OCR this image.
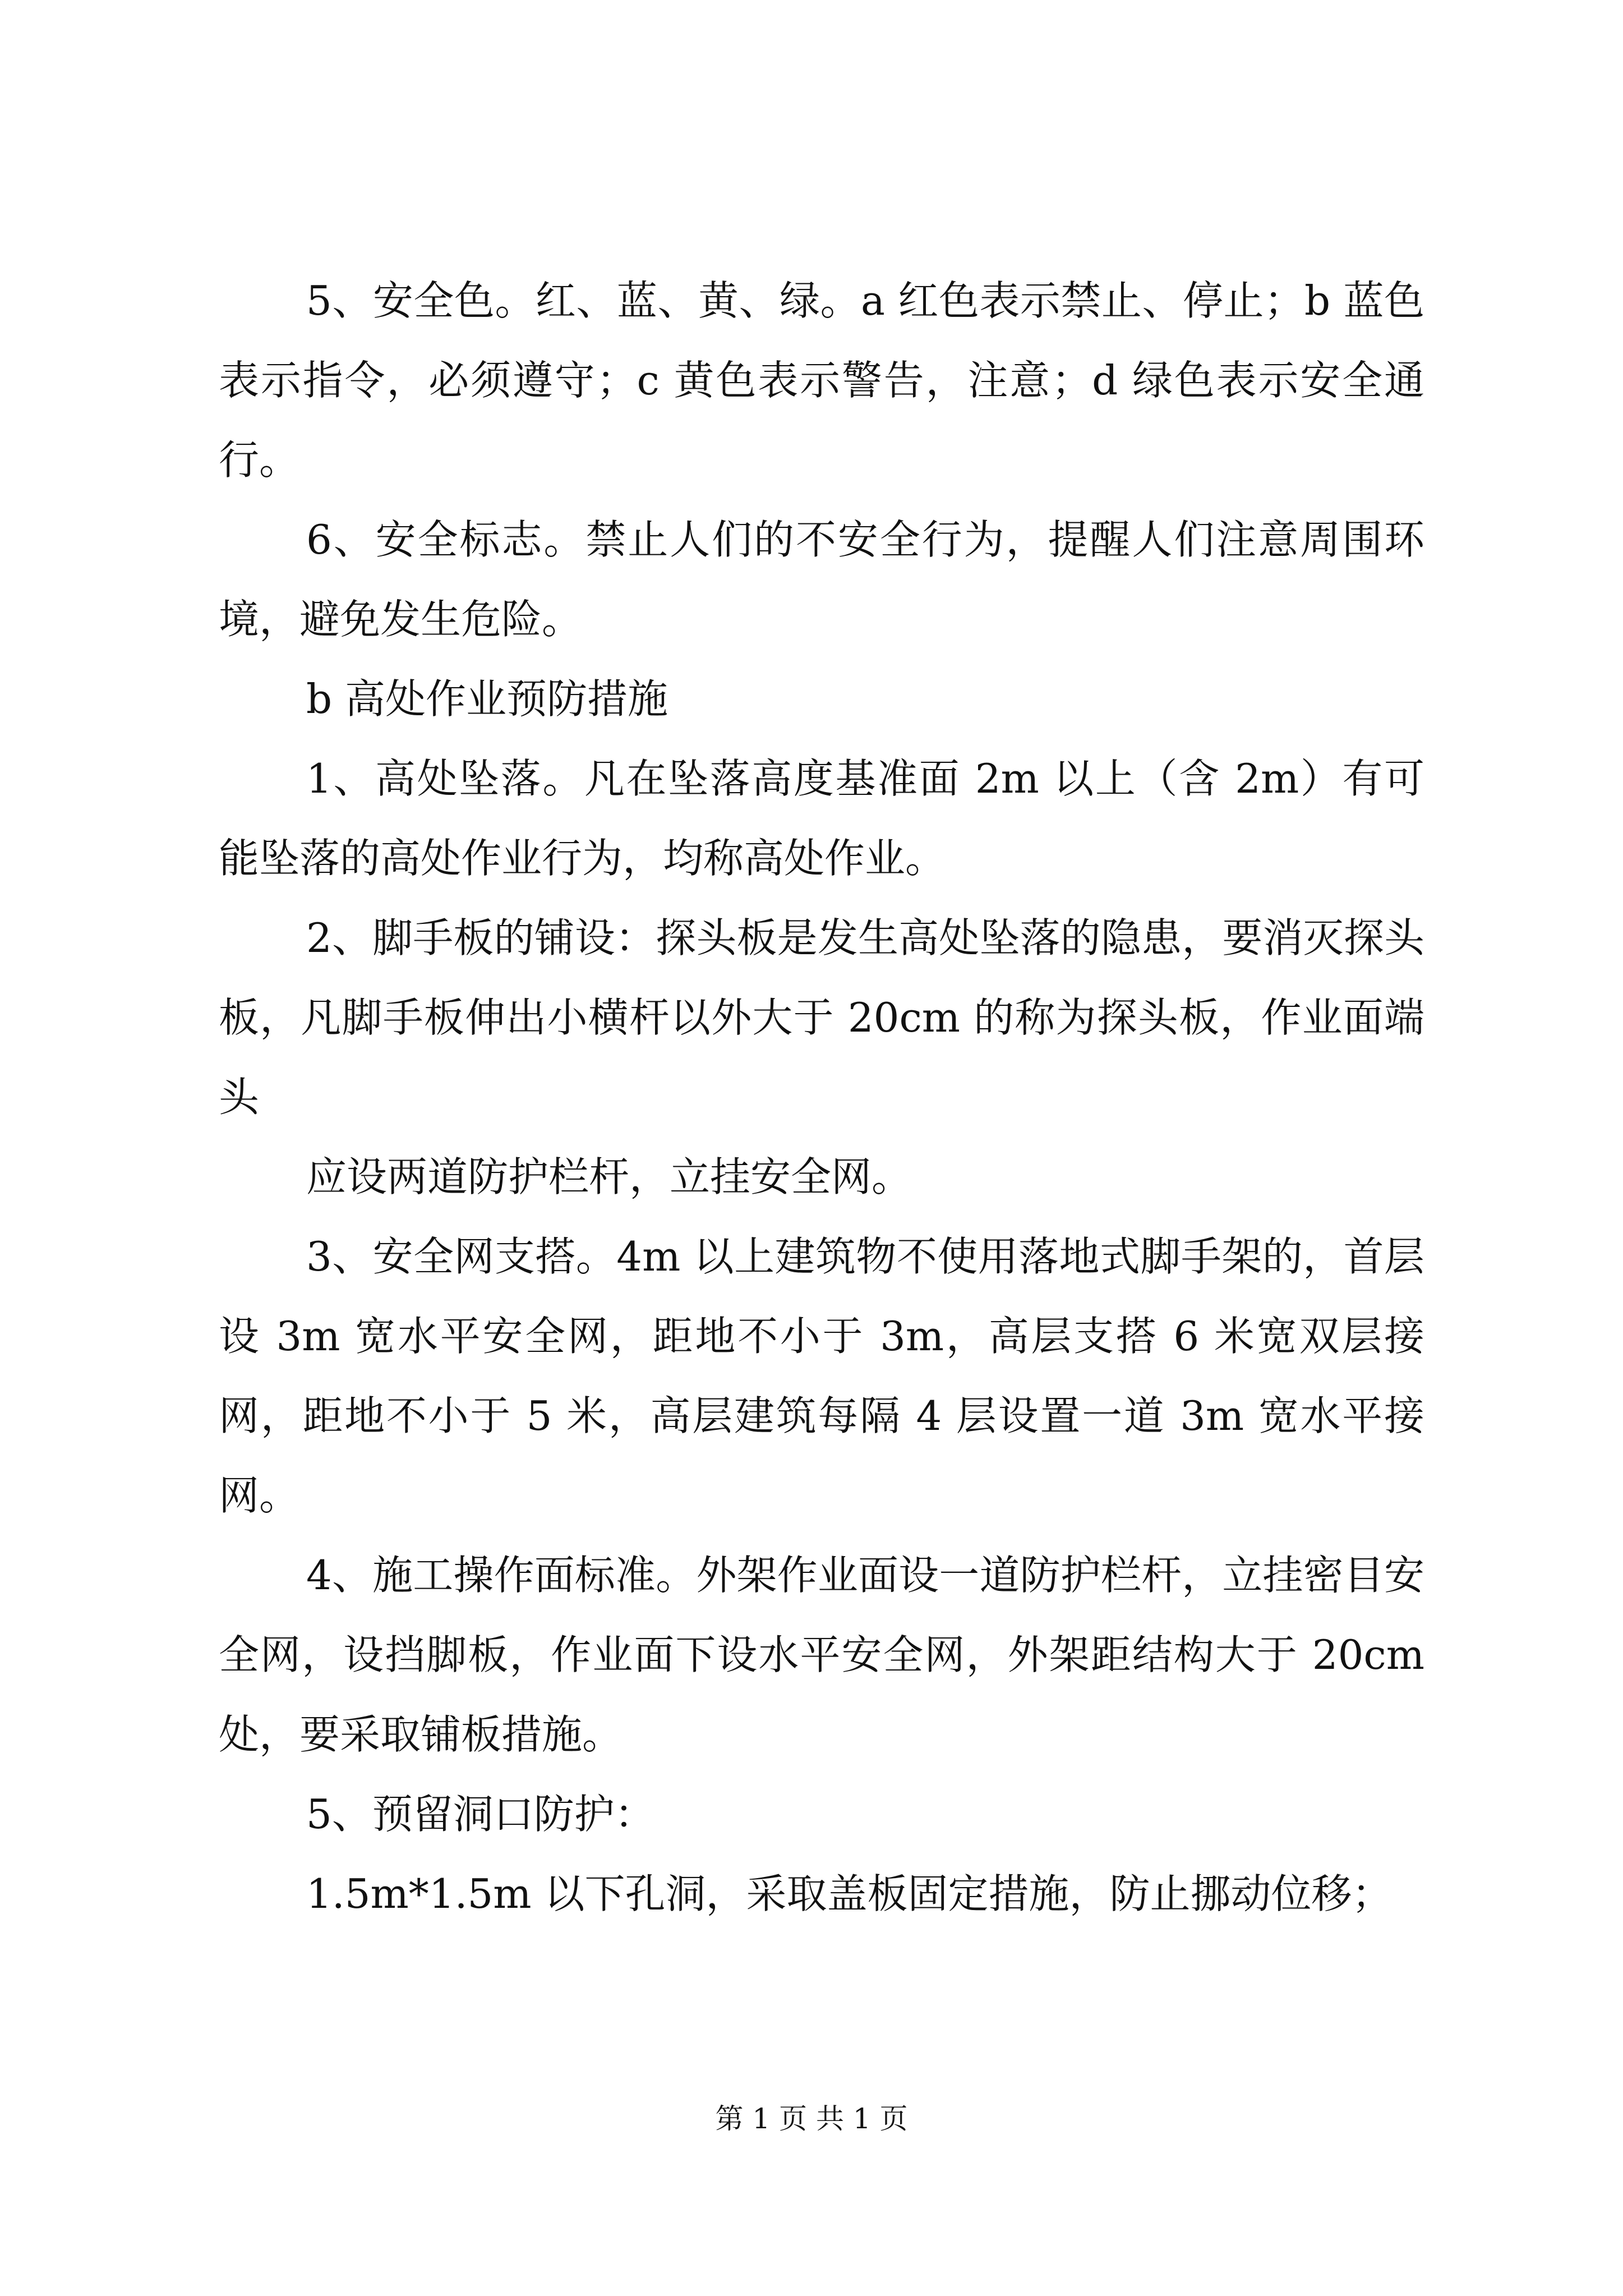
5、安全色。红、蓝、黄、绿。a 红色表示禁止、停止；b 蓝色表示指令，必须遵守；c 黄色表示警告，注意；d 绿色表示安全通行。

6、安全标志。禁止人们的不安全行为，提醒人们注意周围环境，避免发生危险。

b 高处作业预防措施

1、高处坠落。凡在坠落高度基准面 2m 以上（含 2m）有可能坠落的高处作业行为，均称高处作业。

2、脚手板的铺设：探头板是发生高处坠落的隐患，要消灭探头板，凡脚手板伸出小横杆以外大于 20cm 的称为探头板，作业面端头

应设两道防护栏杆，立挂安全网。

3、安全网支搭。4m 以上建筑物不使用落地式脚手架的，首层设 3m 宽水平安全网，距地不小于 3m，高层支搭 6 米宽双层接网，距地不小于 5 米，高层建筑每隔 4 层设置一道 3m 宽水平接网。

4、施工操作面标准。外架作业面设一道防护栏杆，立挂密目安全网，设挡脚板，作业面下设水平安全网，外架距结构大于 20cm 处，要采取铺板措施。

5、预留洞口防护：

1.5m*1.5m 以下孔洞，采取盖板固定措施，防止挪动位移；

第 1 页 共 1 页
